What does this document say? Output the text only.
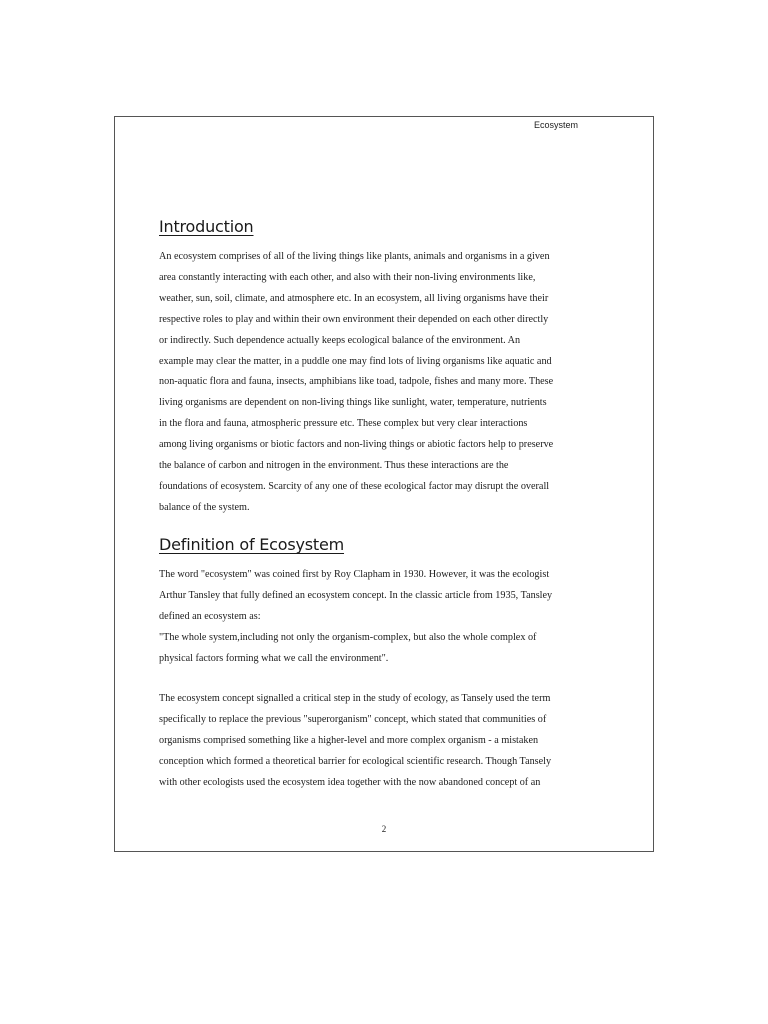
Ecosystem
Introduction

An ecosystem comprises of all of the living things like plants, animals and organisms in a given
area constantly interacting with each other, and also with their non-living environments like,
weather, sun, soil, climate, and atmosphere etc. In an ecosystem, all living organisms have their
respective roles to play and within their own environment their depended on each other directly
or indirectly. Such dependence actually keeps ecological balance of the environment. An
example may clear the matter, in a puddle one may find lots of living organisms like aquatic and
non-aquatic flora and fauna, insects, amphibians like toad, tadpole, fishes and many more. These
living organisms are dependent on non-living things like sunlight, water, temperature, nutrients
in the flora and fauna, atmospheric pressure etc. These complex but very clear interactions
among living organisms or biotic factors and non-living things or abiotic factors help to preserve
the balance of carbon and nitrogen in the environment. Thus these interactions are the
foundations of ecosystem. Scarcity of any one of these ecological factor may disrupt the overall
balance of the system.

Definition of Ecosystem

The word "ecosystem" was coined first by Roy Clapham in 1930. However, it was the ecologist
Arthur Tansley that fully defined an ecosystem concept. In the classic article from 1935, Tansley
defined an ecosystem as:
"The whole system,including not only the organism-complex, but also the whole complex of
physical factors forming what we call the environment".

The ecosystem concept signalled a critical step in the study of ecology, as Tansely used the term
specifically to replace the previous "superorganism" concept, which stated that communities of
organisms comprised something like a higher-level and more complex organism - a mistaken
conception which formed a theoretical barrier for ecological scientific research. Though Tansely
with other ecologists used the ecosystem idea together with the now abandoned concept of an

2
